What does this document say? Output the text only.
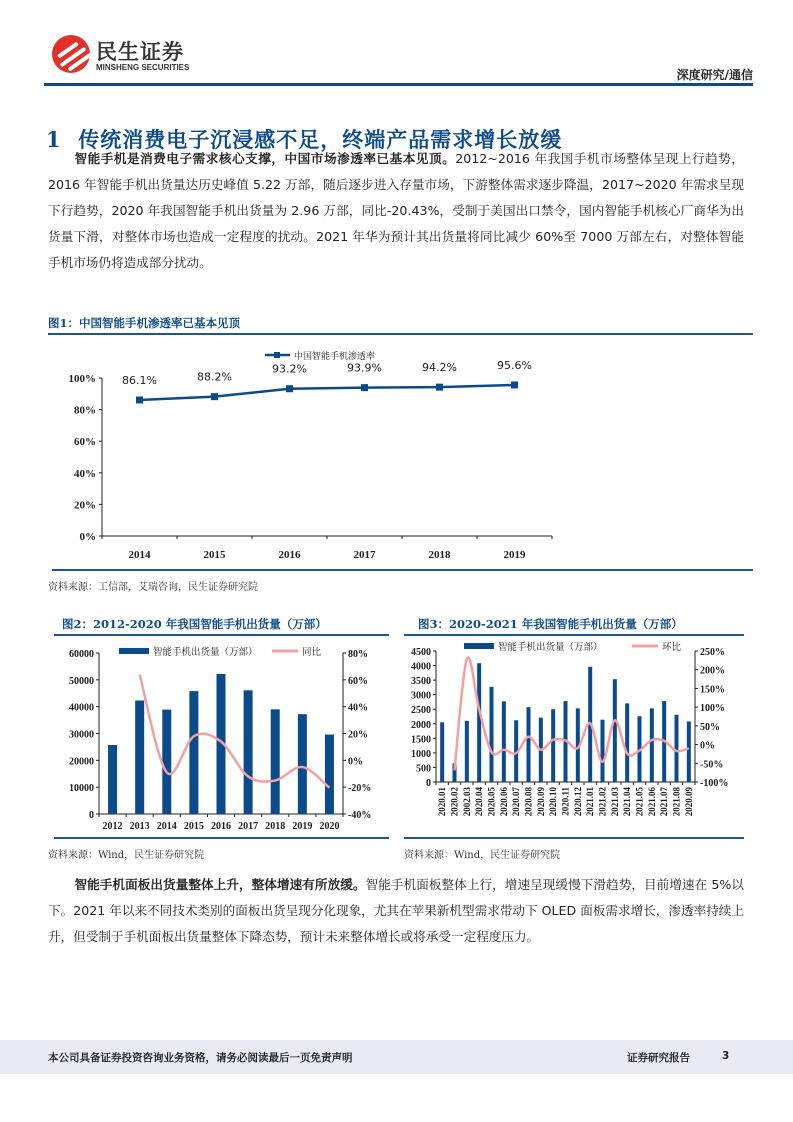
民生证券
MINSHENG SECURITIES
深度研究/通信
1 传统消费电子沉浸感不足，终端产品需求增长放缓
智能手机是消费电子需求核心支撑，中国市场渗透率已基本见顶。2012~2016 年我国手机市场整体呈现上行趋势，2016 年智能手机出货量达历史峰值 5.22 万部，随后逐步进入存量市场，下游整体需求逐步降温，2017~2020 年需求呈现下行趋势，2020 年我国智能手机出货量为 2.96 万部，同比-20.43%，受制于美国出口禁令，国内智能手机核心厂商华为出货量下滑，对整体市场也造成一定程度的扰动。2021 年华为预计其出货量将同比减少 60%至 7000 万部左右，对整体智能手机市场仍将造成部分扰动。
图1：中国智能手机渗透率已基本见顶
0%
20%
40%
60%
80%
100% 86.1%
2014
88.2%
2015
93.2%
2016
93.9%
2017
94.2%
2018
95.6%
2019
中国智能手机渗透率
0
10000
20000
30000
40000
50000
60000
-40%
-20%
0%
20%
40%
60%
80%
2012 2013 2014 2015 2016 2017 2018 2019 2020
智能手机出货量（万部）	同比
0
500
1000
1500
2000
2500
3000
3500
4000
4500
-100%
-50%
0%
50%
100%
150%
200%
250%
2020.01 2020.02 2002.03 2020.04 2020.05 2020.06 2020.07 2020.08 2020.09 2020.10 2020.11 2020.12 2021.01 2021.02 2021.03 2021.04 2021.05 2021.06 2021.07 2021.08 2020.09
智能手机出货量（万部）	环比
资料来源：工信部，艾瑞咨询，民生证券研究院
图2：2012-2020 年我国智能手机出货量（万部）
资料来源：Wind，民生证券研究院
图3：2020-2021 年我国智能手机出货量（万部）
资料来源：Wind，民生证券研究院
智能手机面板出货量整体上升，整体增速有所放缓。智能手机面板整体上行，增速呈现缓慢下滑趋势，目前增速在 5%以下。2021 年以来不同技术类别的面板出货呈现分化现象，尤其在苹果新机型需求带动下 OLED 面板需求增长，渗透率持续上升，但受制于手机面板出货量整体下降态势，预计未来整体增长或将承受一定程度压力。
本公司具备证券投资咨询业务资格，请务必阅读最后一页免责声明	证券研究报告	3
